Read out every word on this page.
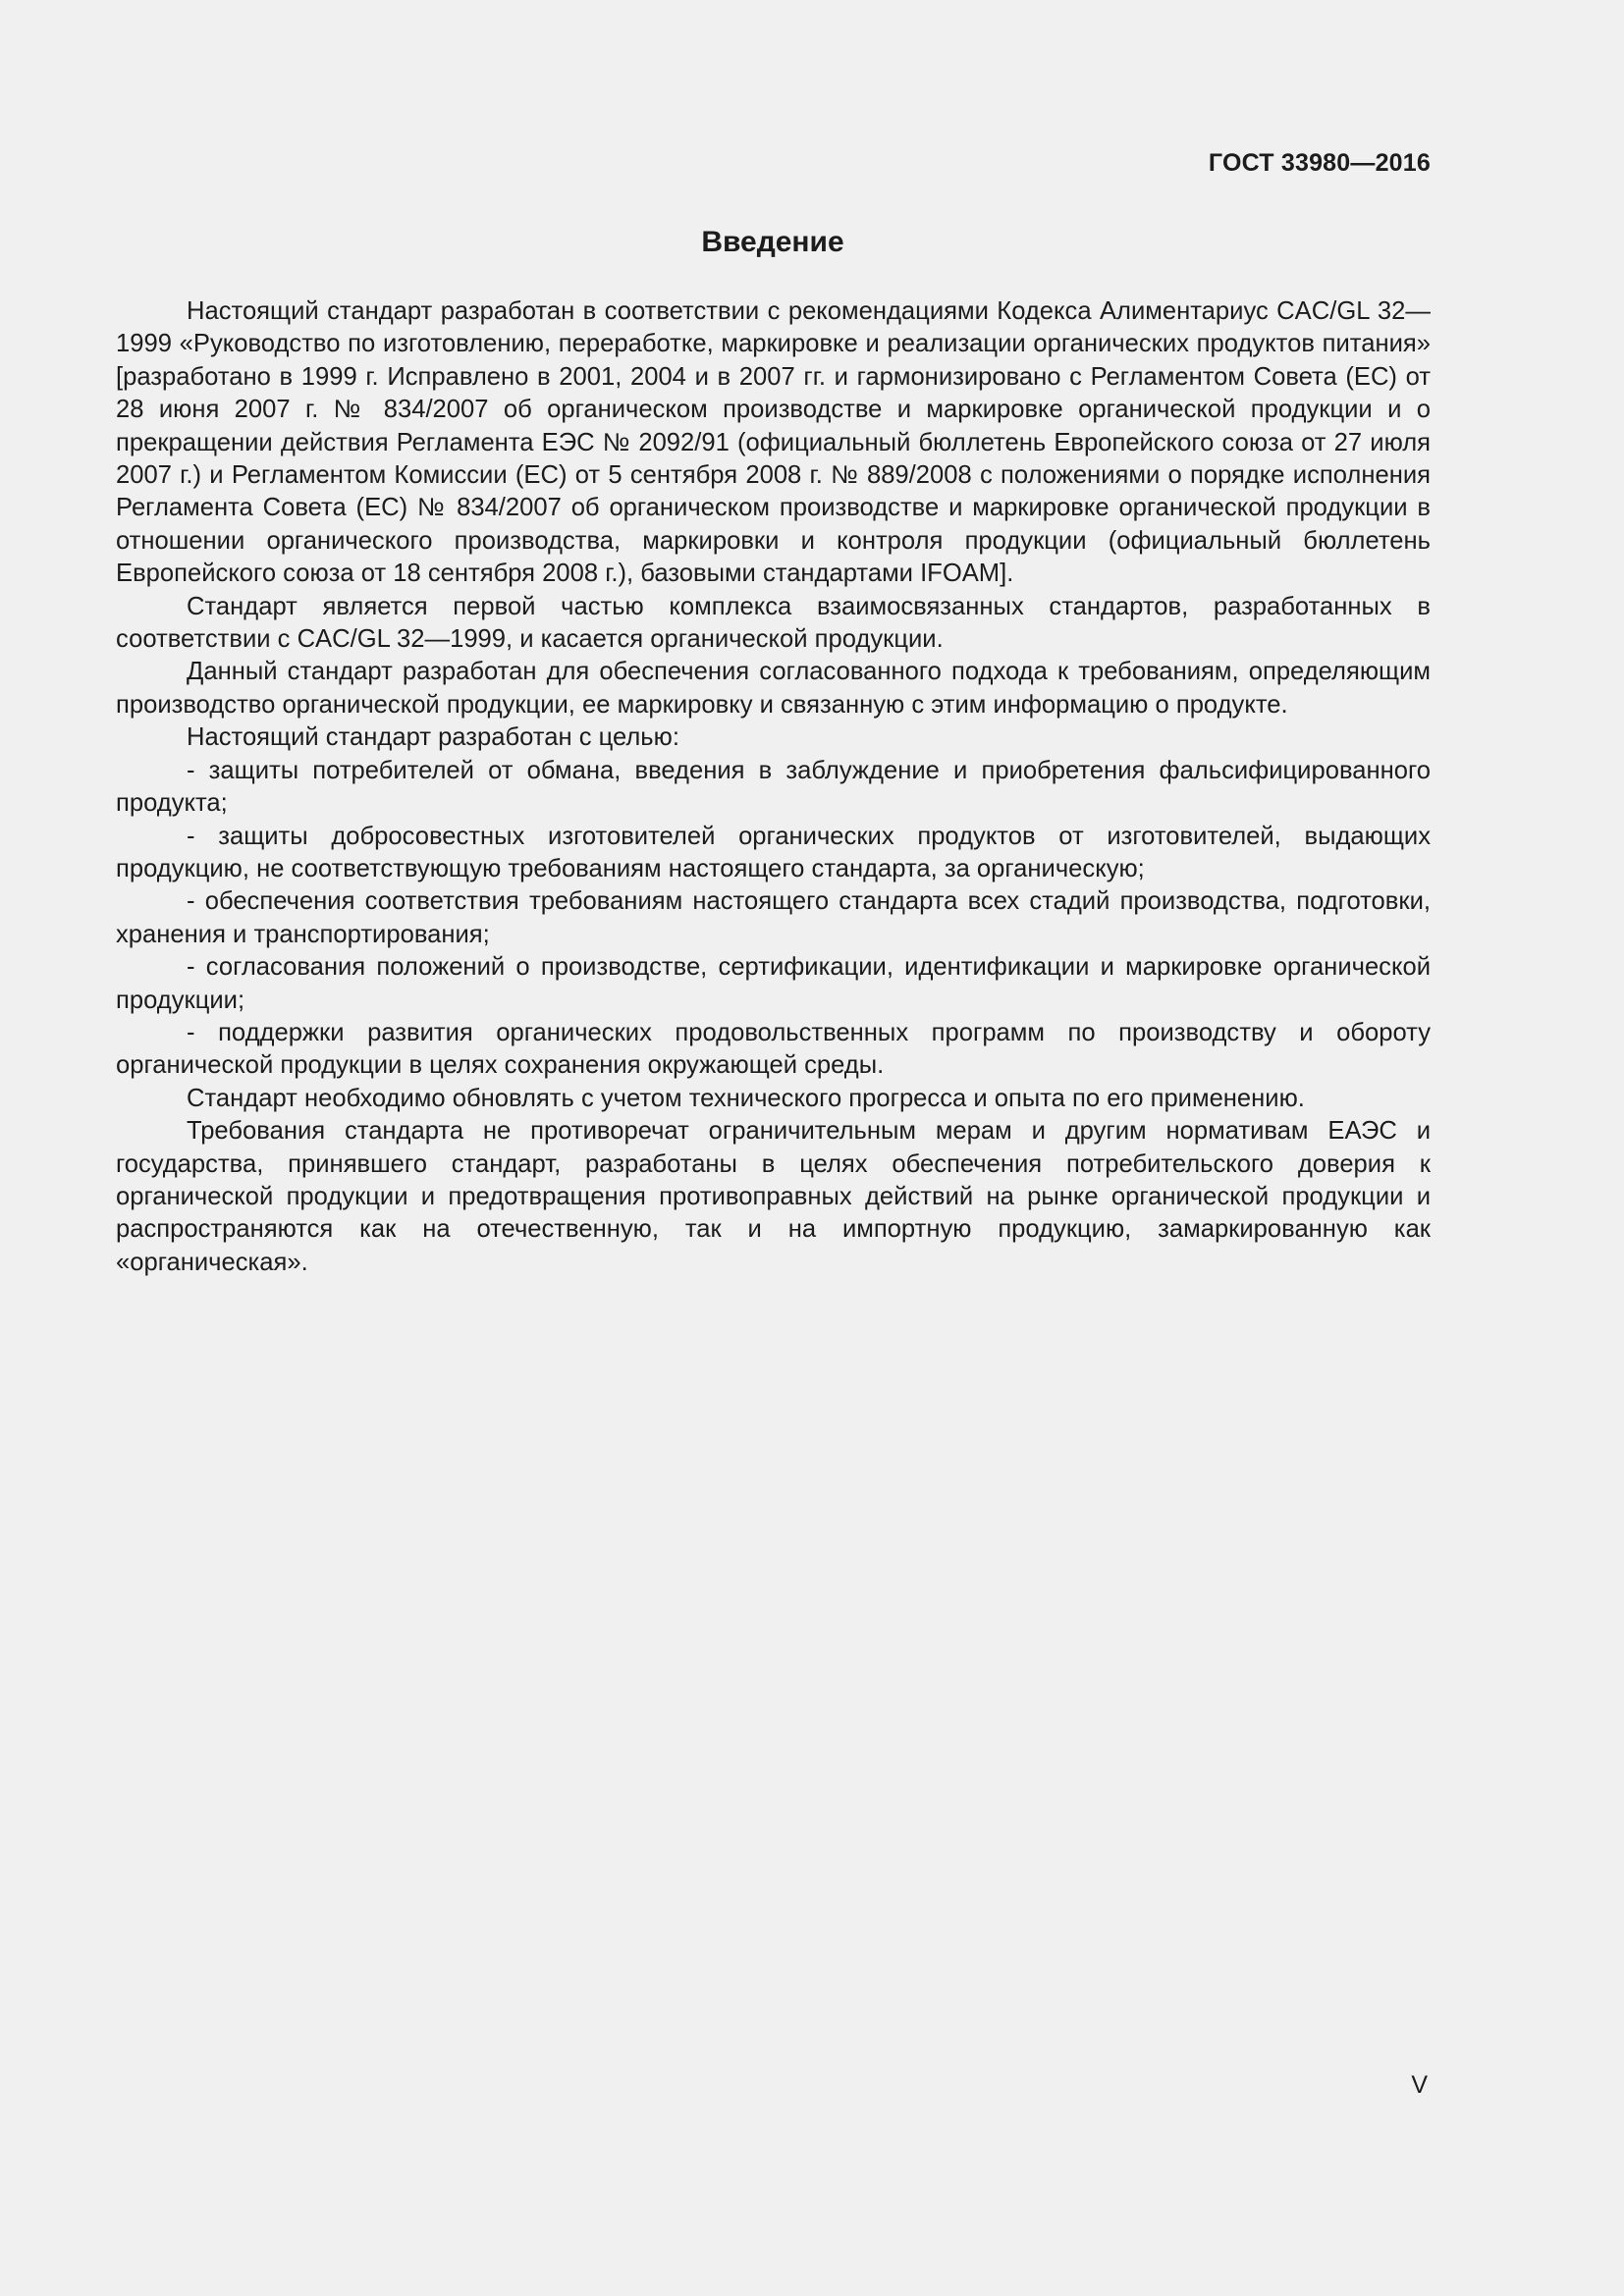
ГОСТ 33980—2016
Введение

Настоящий стандарт разработан в соответствии с рекомендациями Кодекса Алиментариус CAC/GL 32—1999 «Руководство по изготовлению, переработке, маркировке и реализации органических продуктов питания» [разработано в 1999 г. Исправлено в 2001, 2004 и в 2007 гг. и гармонизировано с Регламентом Совета (ЕС) от 28 июня 2007 г. № 834/2007 об органическом производстве и маркировке органической продукции и о прекращении действия Регламента ЕЭС № 2092/91 (официальный бюллетень Европейского союза от 27 июля 2007 г.) и Регламентом Комиссии (ЕС) от 5 сентября 2008 г. № 889/2008 с положениями о порядке исполнения Регламента Совета (ЕС) № 834/2007 об органическом производстве и маркировке органической продукции в отношении органического производства, маркировки и контроля продукции (официальный бюллетень Европейского союза от 18 сентября 2008 г.), базовыми стандартами IFOAM].

Стандарт является первой частью комплекса взаимосвязанных стандартов, разработанных в соответствии с CAC/GL 32—1999, и касается органической продукции.

Данный стандарт разработан для обеспечения согласованного подхода к требованиям, определяющим производство органической продукции, ее маркировку и связанную с этим информацию о продукте.

Настоящий стандарт разработан с целью:

- защиты потребителей от обмана, введения в заблуждение и приобретения фальсифицированного продукта;

- защиты добросовестных изготовителей органических продуктов от изготовителей, выдающих продукцию, не соответствующую требованиям настоящего стандарта, за органическую;

- обеспечения соответствия требованиям настоящего стандарта всех стадий производства, подготовки, хранения и транспортирования;

- согласования положений о производстве, сертификации, идентификации и маркировке органической продукции;

- поддержки развития органических продовольственных программ по производству и обороту органической продукции в целях сохранения окружающей среды.

Стандарт необходимо обновлять с учетом технического прогресса и опыта по его применению.

Требования стандарта не противоречат ограничительным мерам и другим нормативам ЕАЭС и государства, принявшего стандарт, разработаны в целях обеспечения потребительского доверия к органической продукции и предотвращения противоправных действий на рынке органической продукции и распространяются как на отечественную, так и на импортную продукцию, замаркированную как «органическая».

V
